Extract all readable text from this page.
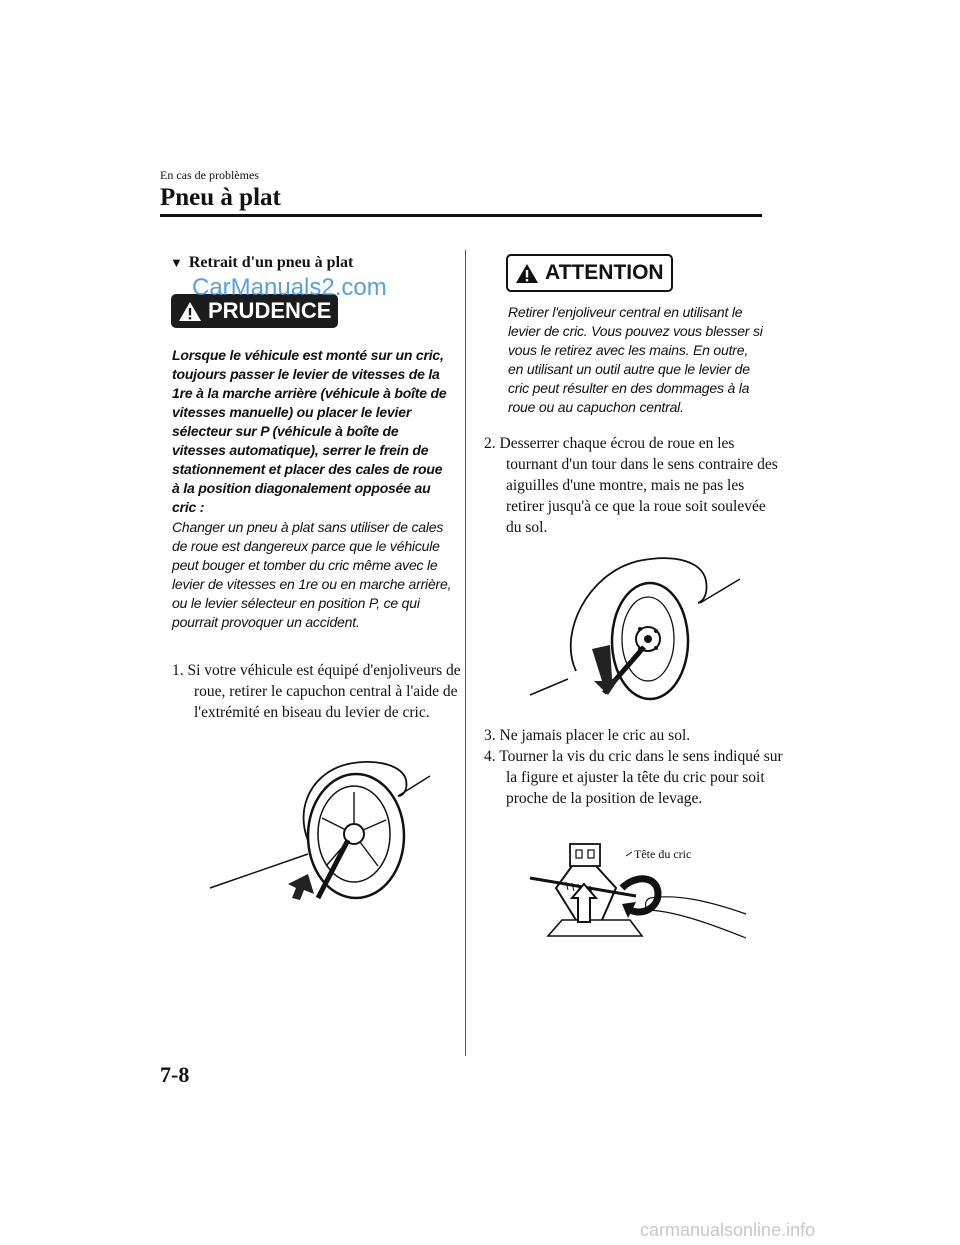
En cas de problèmes
Pneu à plat
▼ Retrait d'un pneu à plat
PRUDENCE
CarManuals2.com
Lorsque le véhicule est monté sur un cric, toujours passer le levier de vitesses de la 1re à la marche arrière (véhicule à boîte de vitesses manuelle) ou placer le levier sélecteur sur P (véhicule à boîte de vitesses automatique), serrer le frein de stationnement et placer des cales de roue à la position diagonalement opposée au cric :
Changer un pneu à plat sans utiliser de cales de roue est dangereux parce que le véhicule peut bouger et tomber du cric même avec le levier de vitesses en 1re ou en marche arrière, ou le levier sélecteur en position P, ce qui pourrait provoquer un accident.
1. Si votre véhicule est équipé d'enjoliveurs de roue, retirer le capuchon central à l'aide de l'extrémité en biseau du levier de cric.
ATTENTION
Retirer l'enjoliveur central en utilisant le levier de cric. Vous pouvez vous blesser si vous le retirez avec les mains. En outre, en utilisant un outil autre que le levier de cric peut résulter en des dommages à la roue ou au capuchon central.
2. Desserrer chaque écrou de roue en les tournant d'un tour dans le sens contraire des aiguilles d'une montre, mais ne pas les retirer jusqu'à ce que la roue soit soulevée du sol.
3. Ne jamais placer le cric au sol.
4. Tourner la vis du cric dans le sens indiqué sur la figure et ajuster la tête du cric pour soit proche de la position de levage.
Tête du cric
7-8
carmanualsonline.info
